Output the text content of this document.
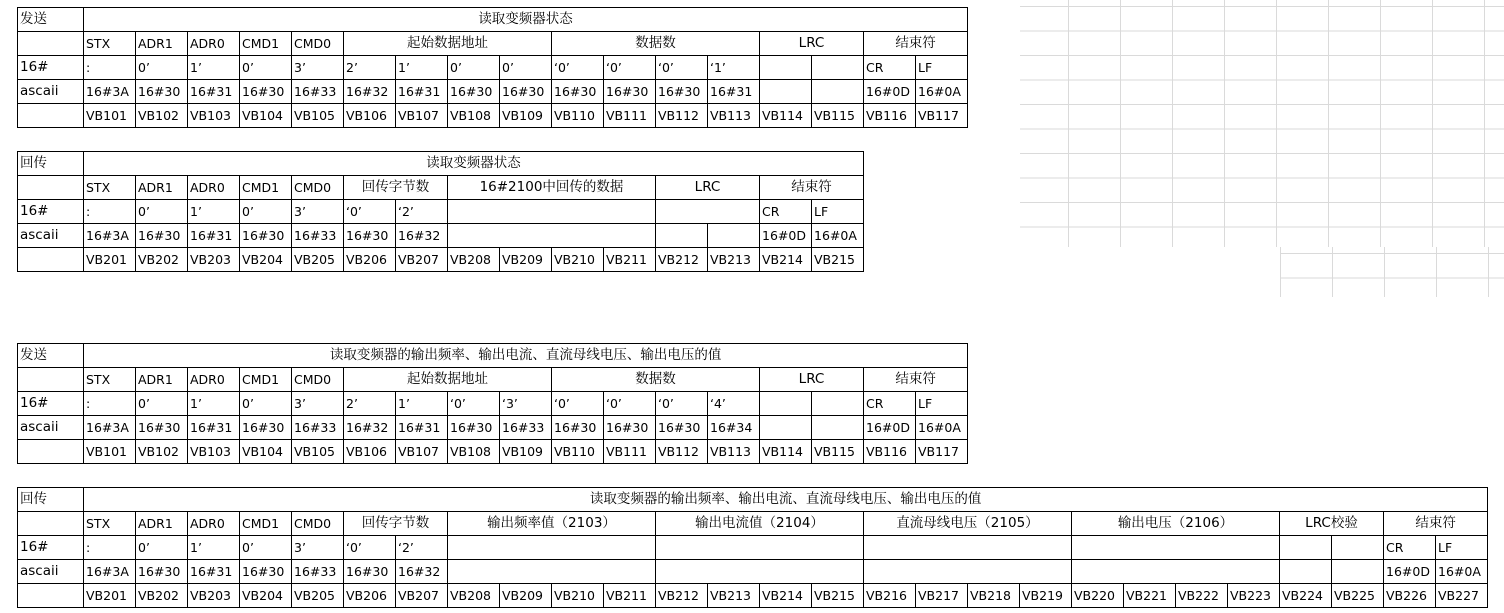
发送	读取变频器状态																
	STX	ADR1	ADR0	CMD1	CMD0	起始数据地址				数据数				LRC		结束符	
16#	:	0’	1’	0’	3’	2’	1’	0’	0’	‘0’	‘0’	‘0’	‘1’			CR	LF
ascaii	16#3A	16#30	16#31	16#30	16#33	16#32	16#31	16#30	16#30	16#30	16#30	16#30	16#31			16#0D	16#0A
	VB101	VB102	VB103	VB104	VB105	VB106	VB107	VB108	VB109	VB110	VB111	VB112	VB113	VB114	VB115	VB116	VB117
回传	读取变频器状态														
	STX	ADR1	ADR0	CMD1	CMD0	回传字节数		16#2100中回传的数据				LRC		结束符	
16#	:	0’	1’	0’	3’	‘0’	‘2’							CR	LF
ascaii	16#3A	16#30	16#31	16#30	16#33	16#30	16#32							16#0D	16#0A
	VB201	VB202	VB203	VB204	VB205	VB206	VB207	VB208	VB209	VB210	VB211	VB212	VB213	VB214	VB215
发送	读取变频器的输出频率、输出电流、直流母线电压、输出电压的值																
	STX	ADR1	ADR0	CMD1	CMD0	起始数据地址				数据数				LRC		结束符	
16#	:	0’	1’	0’	3’	2’	1’	‘0’	‘3’	‘0’	‘0’	‘0’	‘4’			CR	LF
ascaii	16#3A	16#30	16#31	16#30	16#33	16#32	16#31	16#30	16#33	16#30	16#30	16#30	16#34			16#0D	16#0A
	VB101	VB102	VB103	VB104	VB105	VB106	VB107	VB108	VB109	VB110	VB111	VB112	VB113	VB114	VB115	VB116	VB117
回传	读取变频器的输出频率、输出电流、直流母线电压、输出电压的值																										
	STX	ADR1	ADR0	CMD1	CMD0	回传字节数		输出频率值（2103）				输出电流值（2104）				直流母线电压（2105）				输出电压（2106）				LRC校验		结束符	
16#	:	0’	1’	0’	3’	‘0’	‘2’																			CR	LF
ascaii	16#3A	16#30	16#31	16#30	16#33	16#30	16#32																			16#0D	16#0A
	VB201	VB202	VB203	VB204	VB205	VB206	VB207	VB208	VB209	VB210	VB211	VB212	VB213	VB214	VB215	VB216	VB217	VB218	VB219	VB220	VB221	VB222	VB223	VB224	VB225	VB226	VB227
